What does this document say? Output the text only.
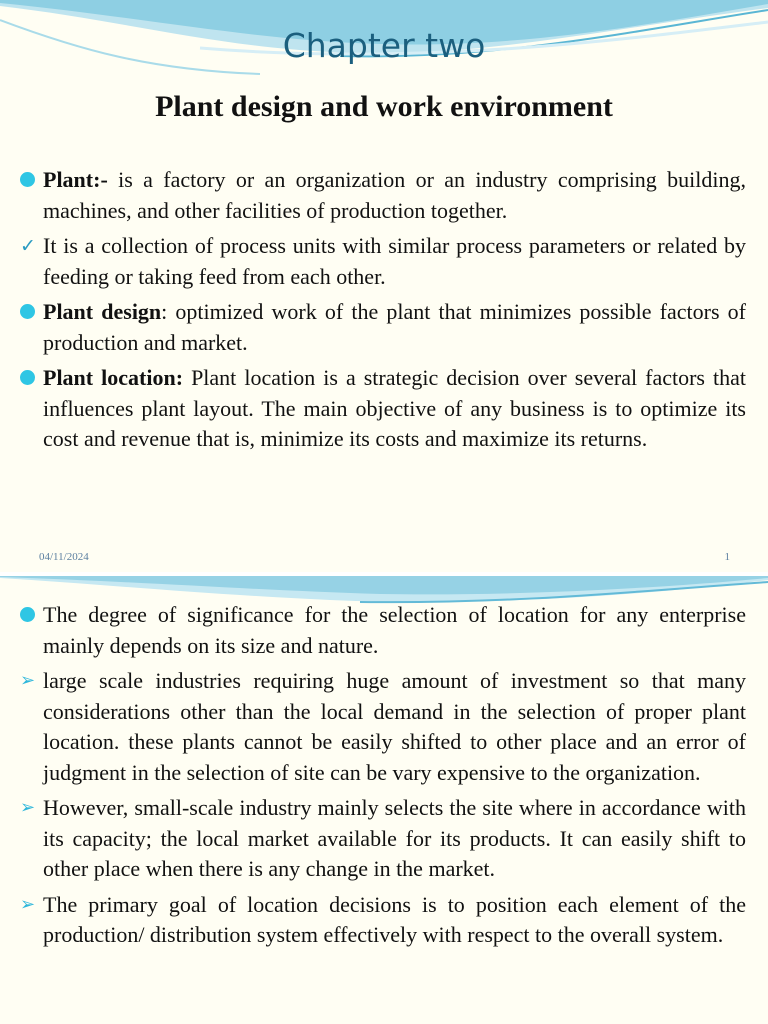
Chapter two
Plant design and work environment
Plant:- is a factory or an organization or an industry comprising building, machines, and other facilities of production together.
✓ It is a collection of process units with similar process parameters or related by feeding or taking feed from each other.
Plant design: optimized work of the plant that minimizes possible factors of production and market.
Plant location: Plant location is a strategic decision over several factors that influences plant layout. The main objective of any business is to optimize its cost and revenue that is, minimize its costs and maximize its returns.
04/11/2024	1
The degree of significance for the selection of location for any enterprise mainly depends on its size and nature.
➢ large scale industries requiring huge amount of investment so that many considerations other than the local demand in the selection of proper plant location. these plants cannot be easily shifted to other place and an error of judgment in the selection of site can be vary expensive to the organization.
➢ However, small-scale industry mainly selects the site where in accordance with its capacity; the local market available for its products. It can easily shift to other place when there is any change in the market.
➢ The primary goal of location decisions is to position each element of the production/ distribution system effectively with respect to the overall system.
